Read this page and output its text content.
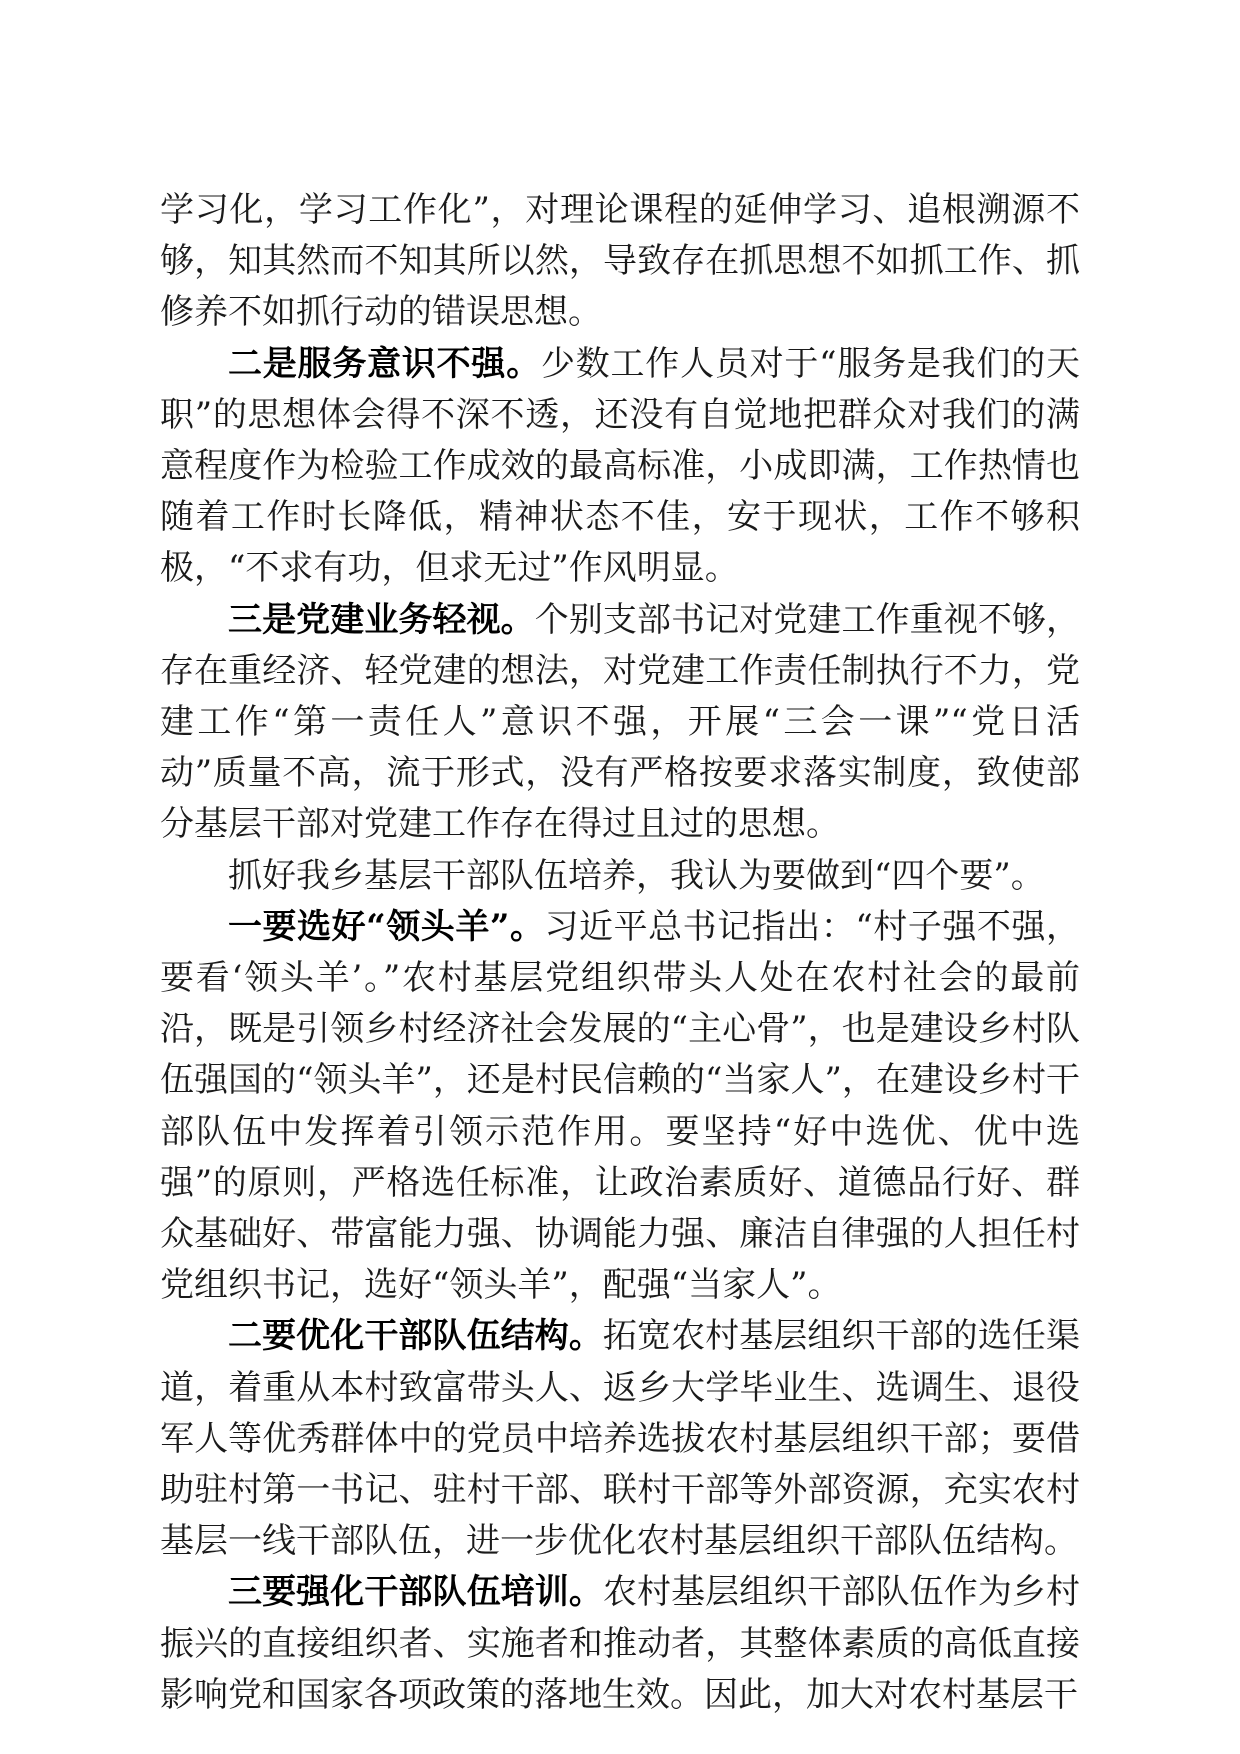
学习化，学习工作化”，对理论课程的延伸学习、追根溯源不够，知其然而不知其所以然，导致存在抓思想不如抓工作、抓修养不如抓行动的错误思想。

二是服务意识不强。少数工作人员对于“服务是我们的天职”的思想体会得不深不透，还没有自觉地把群众对我们的满意程度作为检验工作成效的最高标准，小成即满，工作热情也随着工作时长降低，精神状态不佳，安于现状，工作不够积极，“不求有功，但求无过”作风明显。

三是党建业务轻视。个别支部书记对党建工作重视不够，存在重经济、轻党建的想法，对党建工作责任制执行不力，党建工作“第一责任人”意识不强，开展“三会一课”“党日活动”质量不高，流于形式，没有严格按要求落实制度，致使部分基层干部对党建工作存在得过且过的思想。

抓好我乡基层干部队伍培养，我认为要做到“四个要”。

一要选好“领头羊”。习近平总书记指出：“村子强不强，要看‘领头羊’。”农村基层党组织带头人处在农村社会的最前沿，既是引领乡村经济社会发展的“主心骨”，也是建设乡村队伍强国的“领头羊”，还是村民信赖的“当家人”，在建设乡村干部队伍中发挥着引领示范作用。要坚持“好中选优、优中选强”的原则，严格选任标准，让政治素质好、道德品行好、群众基础好、带富能力强、协调能力强、廉洁自律强的人担任村党组织书记，选好“领头羊”，配强“当家人”。

二要优化干部队伍结构。拓宽农村基层组织干部的选任渠道，着重从本村致富带头人、返乡大学毕业生、选调生、退役军人等优秀群体中的党员中培养选拔农村基层组织干部；要借助驻村第一书记、驻村干部、联村干部等外部资源，充实农村基层一线干部队伍，进一步优化农村基层组织干部队伍结构。

三要强化干部队伍培训。农村基层组织干部队伍作为乡村振兴的直接组织者、实施者和推动者，其整体素质的高低直接影响党和国家各项政策的落地生效。因此，加大对农村基层干
